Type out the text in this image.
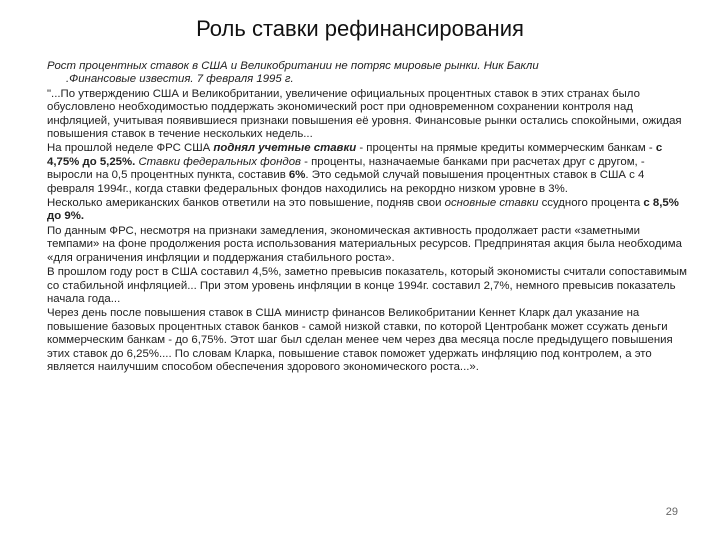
Роль ставки рефинансирования

Рост процентных ставок в США и Великобритании не потряс мировые рынки. Ник Бакли
.Финансовые известия. 7 февраля 1995 г.

"...По утверждению США и Великобритании, увеличение официальных процентных ставок в этих странах было обусловлено необходимостью поддержать экономический рост при одновременном сохранении контроля над инфляцией, учитывая появившиеся признаки повышения её уровня. Финансовые рынки остались спокойными, ожидая повышения ставок в течение нескольких недель...

На прошлой неделе ФРС США поднял учетные ставки - проценты на прямые кредиты коммерческим банкам - с 4,75% до 5,25%. Ставки федеральных фондов - проценты, назначаемые банками при расчетах друг с другом, - выросли на 0,5 процентных пункта, составив 6%. Это седьмой случай повышения процентных ставок в США с 4 февраля 1994г., когда ставки федеральных фондов находились на рекордно низком уровне в 3%.

Несколько американских банков ответили на это повышение, подняв свои основные ставки ссудного процента с 8,5% до 9%.

По данным ФРС, несмотря на признаки замедления, экономическая активность продолжает расти «заметными темпами» на фоне продолжения роста использования материальных ресурсов. Предпринятая акция была необходима «для ограничения инфляции и поддержания стабильного роста».

В прошлом году рост в США составил 4,5%, заметно превысив показатель, который экономисты считали сопоставимым со стабильной инфляцией... При этом уровень инфляции в конце 1994г. составил 2,7%, немного превысив показатель начала года...

Через день после повышения ставок в США министр финансов Великобритании Кеннет Кларк дал указание на повышение базовых процентных ставок банков - самой низкой ставки, по которой Центробанк может ссужать деньги коммерческим банкам - до 6,75%. Этот шаг был сделан менее чем через два месяца после предыдущего повышения этих ставок до 6,25%.... По словам Кларка, повышение ставок поможет удержать инфляцию под контролем, а это является наилучшим способом обеспечения здорового экономического роста...».

29
